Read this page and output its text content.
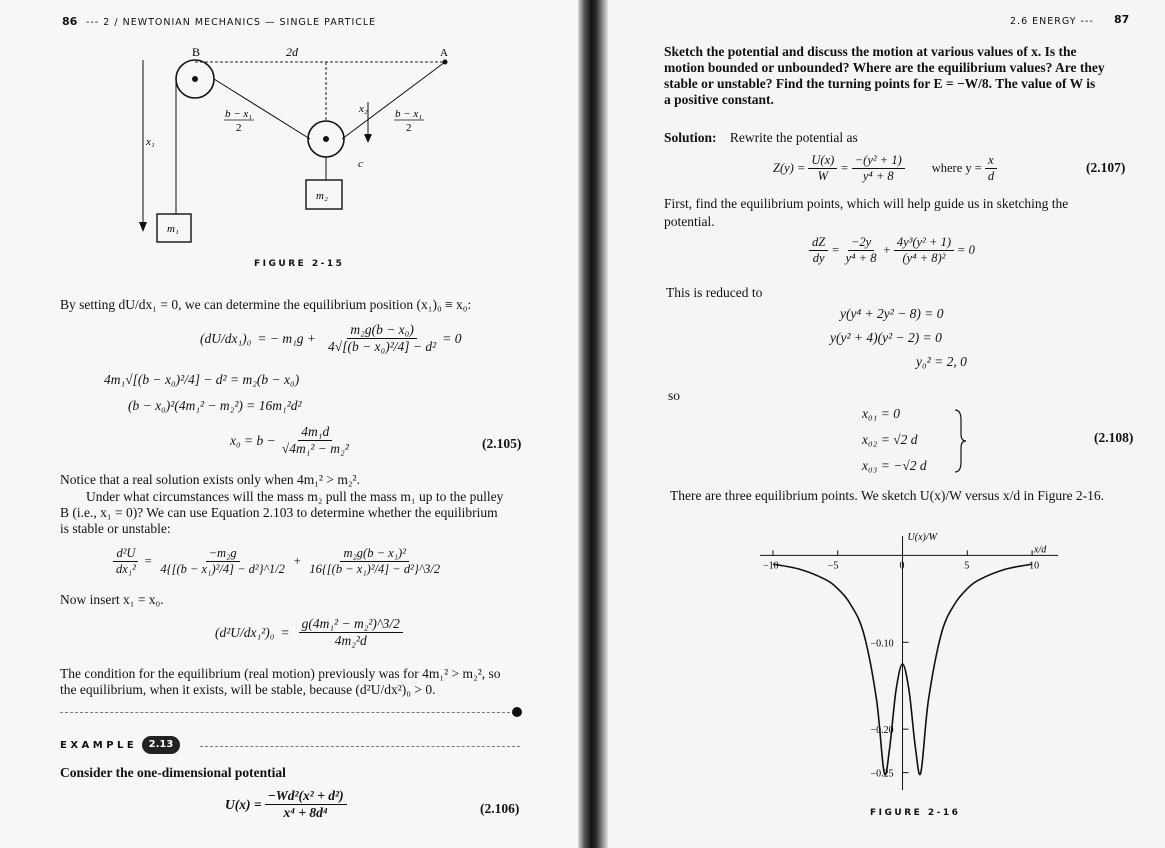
86 --- 2 / NEWTONIAN MECHANICS — SINGLE PARTICLE
B	A
2d
x₁
x₂
c
b − x₁
2
b − x₁
2
m₁
m₂
FIGURE 2-15
By setting dU/dx₁ = 0, we can determine the equilibrium position (x₁)₀ ≡ x₀:
(dU/dx₁)₀ = − $m_1g + \frac{\text{m₂g(b − x₀)}}{\text{4√[(b − x₀)²/4] − d²}} = 0$
4m₁√[(b − x₀)²/4] − d² = m₂(b − x₀)
(b − x₀)²(4m₁² − m₂²) = 16m₁²d²
$x_0 = b - \frac{\text{4m₁d}}{\text{√4m₁² − m₂²}}$	(2.105)
Notice that a real solution exists only when 4m₁² > m₂².
Under what circumstances will the mass m₂ pull the mass m₁ up to the pulley
B (i.e., x₁ = 0)? We can use Equation 2.103 to determine whether the equilibrium
is stable or unstable:
$\frac{\text{d²U}}{\text{dx₁²}} = \frac{\text{−m₂g}}{\text{4\{[(b − x₁)²/4] − d²\}\textasciicircum{}1/2}} + \frac{\text{m₂g(b − x₁)²}}{\text{16\{[(b − x₁)²/4] − d²\}\textasciicircum{}3/2}}$
Now insert x₁ = x₀.
$(d^2U/dx_1^2)_0 = \frac{\text{g(4m₁² − m₂²)\textasciicircum{}3/2}}{\text{4m₂²d}}$
The condition for the equilibrium (real motion) previously was for 4m₁² > m₂², so
the equilibrium, when it exists, will be stable, because (d²U/dx²)₀ > 0.
EXAMPLE	2.13
Consider the one-dimensional potential
$U(x) = \frac{\text{−Wd²(x² + d²)}}{\text{x⁴ + 8d⁴}}$	(2.106)
2.6 ENERGY --- 87
Sketch the potential and discuss the motion at various values of x. Is the
motion bounded or unbounded? Where are the equilibrium values? Are they
stable or unstable? Find the turning points for E = −W/8. The value of W is
a positive constant.
Solution: Rewrite the potential as
$Z(y) = \frac{U(x)}{W} = \frac{\text{−(y² + 1)}}{\text{y⁴ + 8}}$ where $y = \frac{x}{d}$	(2.107)
First, find the equilibrium points, which will help guide us in sketching the
potential.
$\frac{dZ}{dy} = \frac{-2y}{\text{y⁴ + 8}} + \frac{\text{4y³(y² + 1)}}{\text{(y⁴ + 8)²}} = 0$
This is reduced to
y(y⁴ + 2y² − 8) = 0
y(y² + 4)(y² − 2) = 0
y₀² = 2, 0
so
x₀₁ = 0
x₀₂ = √2 d
x₀₃ = −√2 d
(2.108)
There are three equilibrium points. We sketch U(x)/W versus x/d in Figure 2-16.
−10	−5	0	5	10
−0.10
−0.20
−0.25
U(x)/W
x/d
FIGURE 2-16
